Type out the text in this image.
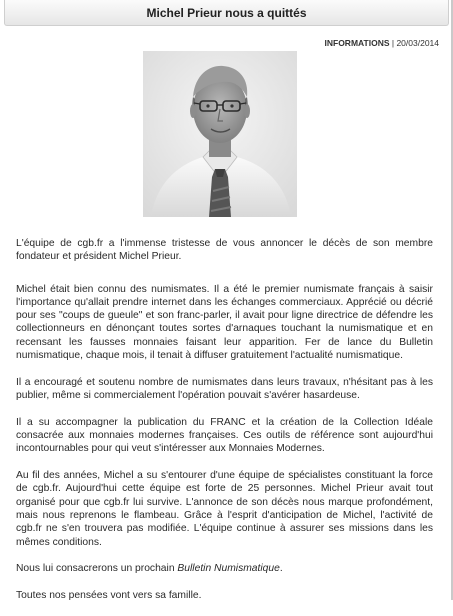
Michel Prieur nous a quittés
INFORMATIONS | 20/03/2014

L'équipe de cgb.fr a l'immense tristesse de vous annoncer le décès de son membre fondateur et président Michel Prieur.

Michel était bien connu des numismates. Il a été le premier numismate français à saisir l'importance qu'allait prendre internet dans les échanges commerciaux. Apprécié ou décrié pour ses "coups de gueule" et son franc-parler, il avait pour ligne directrice de défendre les collectionneurs en dénonçant toutes sortes d'arnaques touchant la numismatique et en recensant les fausses monnaies faisant leur apparition. Fer de lance du Bulletin numismatique, chaque mois, il tenait à diffuser gratuitement l'actualité numismatique.

Il a encouragé et soutenu nombre de numismates dans leurs travaux, n'hésitant pas à les publier, même si commercialement l'opération pouvait s'avérer hasardeuse.

Il a su accompagner la publication du FRANC et la création de la Collection Idéale consacrée aux monnaies modernes françaises. Ces outils de référence sont aujourd'hui incontournables pour qui veut s'intéresser aux Monnaies Modernes.

Au fil des années, Michel a su s'entourer d'une équipe de spécialistes constituant la force de cgb.fr. Aujourd'hui cette équipe est forte de 25 personnes. Michel Prieur avait tout organisé pour que cgb.fr lui survive. L'annonce de son décès nous marque profondément, mais nous reprenons le flambeau. Grâce à l'esprit d'anticipation de Michel, l'activité de cgb.fr ne s'en trouvera pas modifiée. L'équipe continue à assurer ses missions dans les mêmes conditions.

Nous lui consacrerons un prochain Bulletin Numismatique.

Toutes nos pensées vont vers sa famille.
